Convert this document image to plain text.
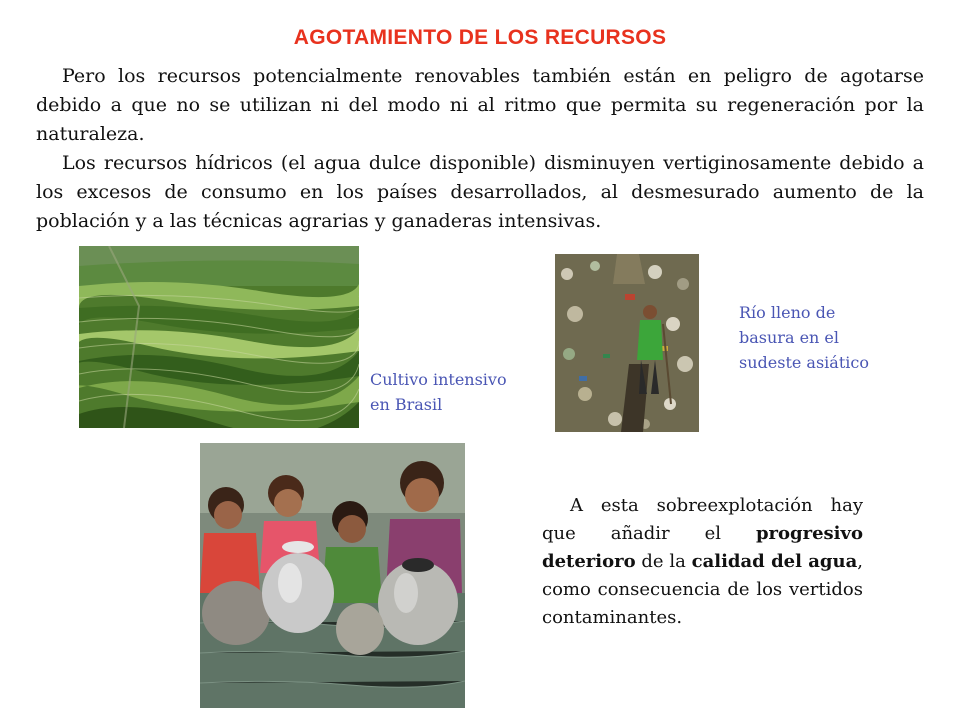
AGOTAMIENTO DE LOS RECURSOS

Pero los recursos potencialmente renovables también están en peligro de agotarse debido a que no se utilizan ni del modo ni al ritmo que permita su regeneración por la naturaleza.

Los recursos hídricos (el agua dulce disponible) disminuyen vertiginosamente debido a los excesos de consumo en los países desarrollados, al desmesurado aumento de la población y a las técnicas agrarias y ganaderas intensivas.

Cultivo intensivo
en Brasil
Río lleno de
basura en el
sudeste asiático

A esta sobreexplotación hay que añadir el progresivo deterioro de la calidad del agua, como consecuencia de los vertidos contaminantes.
